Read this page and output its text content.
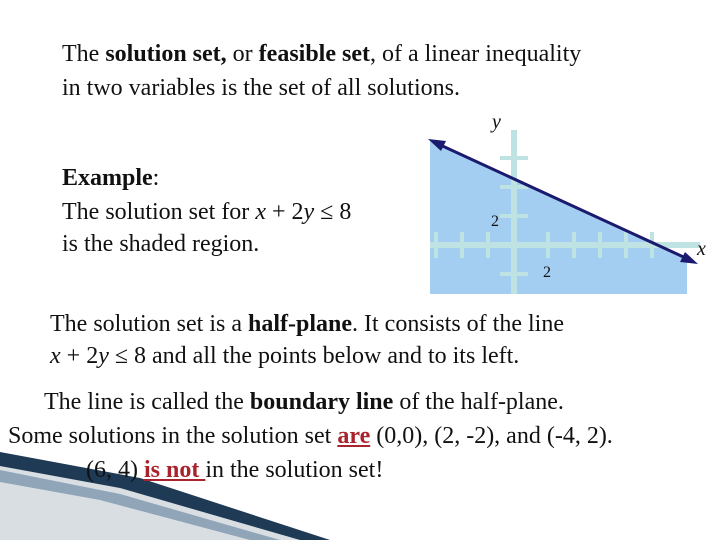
y
x
2
2
The solution set, or feasible set, of a linear inequality
in two variables is the set of all solutions.
Example:
The solution set for x + 2y ≤ 8
is the shaded region.
The solution set is a half-plane. It consists of the line
x + 2y ≤ 8 and all the points below and to its left.
The line is called the boundary line of the half-plane.
Some solutions in the solution set are (0,0), (2, -2), and (-4, 2).
(6, 4) is not in the solution set!
